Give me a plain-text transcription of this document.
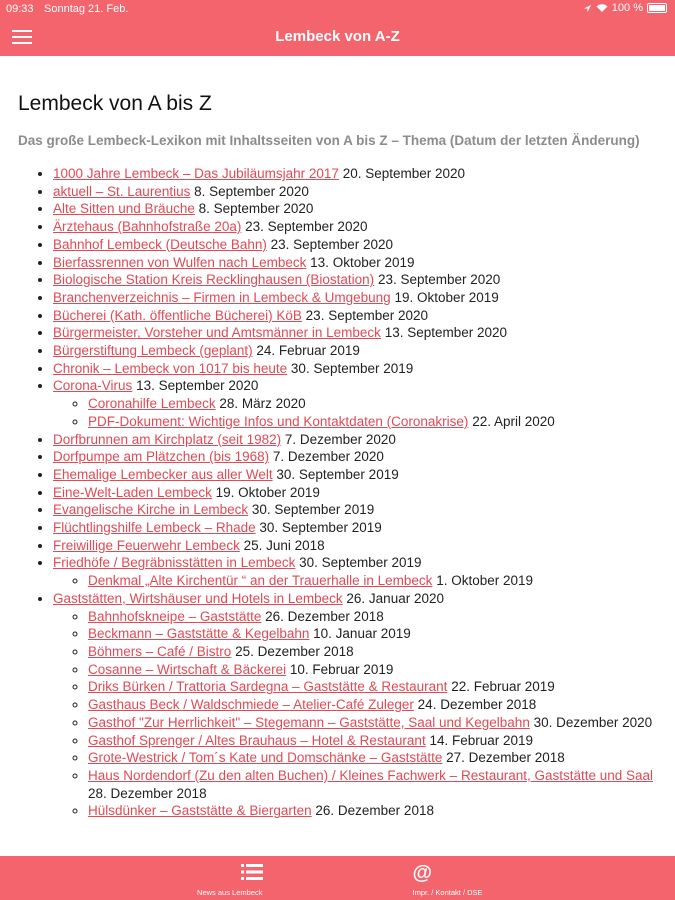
09:33 Sonntag 21. Feb.	100 %
Lembeck von A-Z
Lembeck von A bis Z

Das große Lembeck-Lexikon mit Inhaltsseiten von A bis Z – Thema (Datum der letzten Änderung)

• 1000 Jahre Lembeck – Das Jubiläumsjahr 2017 20. September 2020
• aktuell – St. Laurentius 8. September 2020
• Alte Sitten und Bräuche 8. September 2020
• Ärztehaus (Bahnhofstraße 20a) 23. September 2020
• Bahnhof Lembeck (Deutsche Bahn) 23. September 2020
• Bierfassrennen von Wulfen nach Lembeck 13. Oktober 2019
• Biologische Station Kreis Recklinghausen (Biostation) 23. September 2020
• Branchenverzeichnis – Firmen in Lembeck & Umgebung 19. Oktober 2019
• Bücherei (Kath. öffentliche Bücherei) KöB 23. September 2020
• Bürgermeister, Vorsteher und Amtsmänner in Lembeck 13. September 2020
• Bürgerstiftung Lembeck (geplant) 24. Februar 2019
• Chronik – Lembeck von 1017 bis heute 30. September 2019
• Corona-Virus 13. September 2020
◦ Coronahilfe Lembeck 28. März 2020
◦ PDF-Dokument: Wichtige Infos und Kontaktdaten (Coronakrise) 22. April 2020
• Dorfbrunnen am Kirchplatz (seit 1982) 7. Dezember 2020
• Dorfpumpe am Plätzchen (bis 1968) 7. Dezember 2020
• Ehemalige Lembecker aus aller Welt 30. September 2019
• Eine-Welt-Laden Lembeck 19. Oktober 2019
• Evangelische Kirche in Lembeck 30. September 2019
• Flüchtlingshilfe Lembeck – Rhade 30. September 2019
• Freiwillige Feuerwehr Lembeck 25. Juni 2018
• Friedhöfe / Begräbnisstätten in Lembeck 30. September 2019
◦ Denkmal „Alte Kirchentür “ an der Trauerhalle in Lembeck 1. Oktober 2019
• Gaststätten, Wirtshäuser und Hotels in Lembeck 26. Januar 2020
◦ Bahnhofskneipe – Gaststätte 26. Dezember 2018
◦ Beckmann – Gaststätte & Kegelbahn 10. Januar 2019
◦ Böhmers – Café / Bistro 25. Dezember 2018
◦ Cosanne – Wirtschaft & Bäckerei 10. Februar 2019
◦ Driks Bürken / Trattoria Sardegna – Gaststätte & Restaurant 22. Februar 2019
◦ Gasthaus Beck / Waldschmiede – Atelier-Café Zuleger 24. Dezember 2018
◦ Gasthof "Zur Herrlichkeit" – Stegemann – Gaststätte, Saal und Kegelbahn 30. Dezember 2020
◦ Gasthof Sprenger / Altes Brauhaus – Hotel & Restaurant 14. Februar 2019
◦ Grote-Westrick / Tom´s Kate und Domschänke – Gaststätte 27. Dezember 2018
◦ Haus Nordendorf (Zu den alten Buchen) / Kleines Fachwerk – Restaurant, Gaststätte und Saal 28. Dezember 2018
◦ Hülsdünker – Gaststätte & Biergarten 26. Dezember 2018
News aus Lembeck
@
Impr. / Kontakt / DSE
